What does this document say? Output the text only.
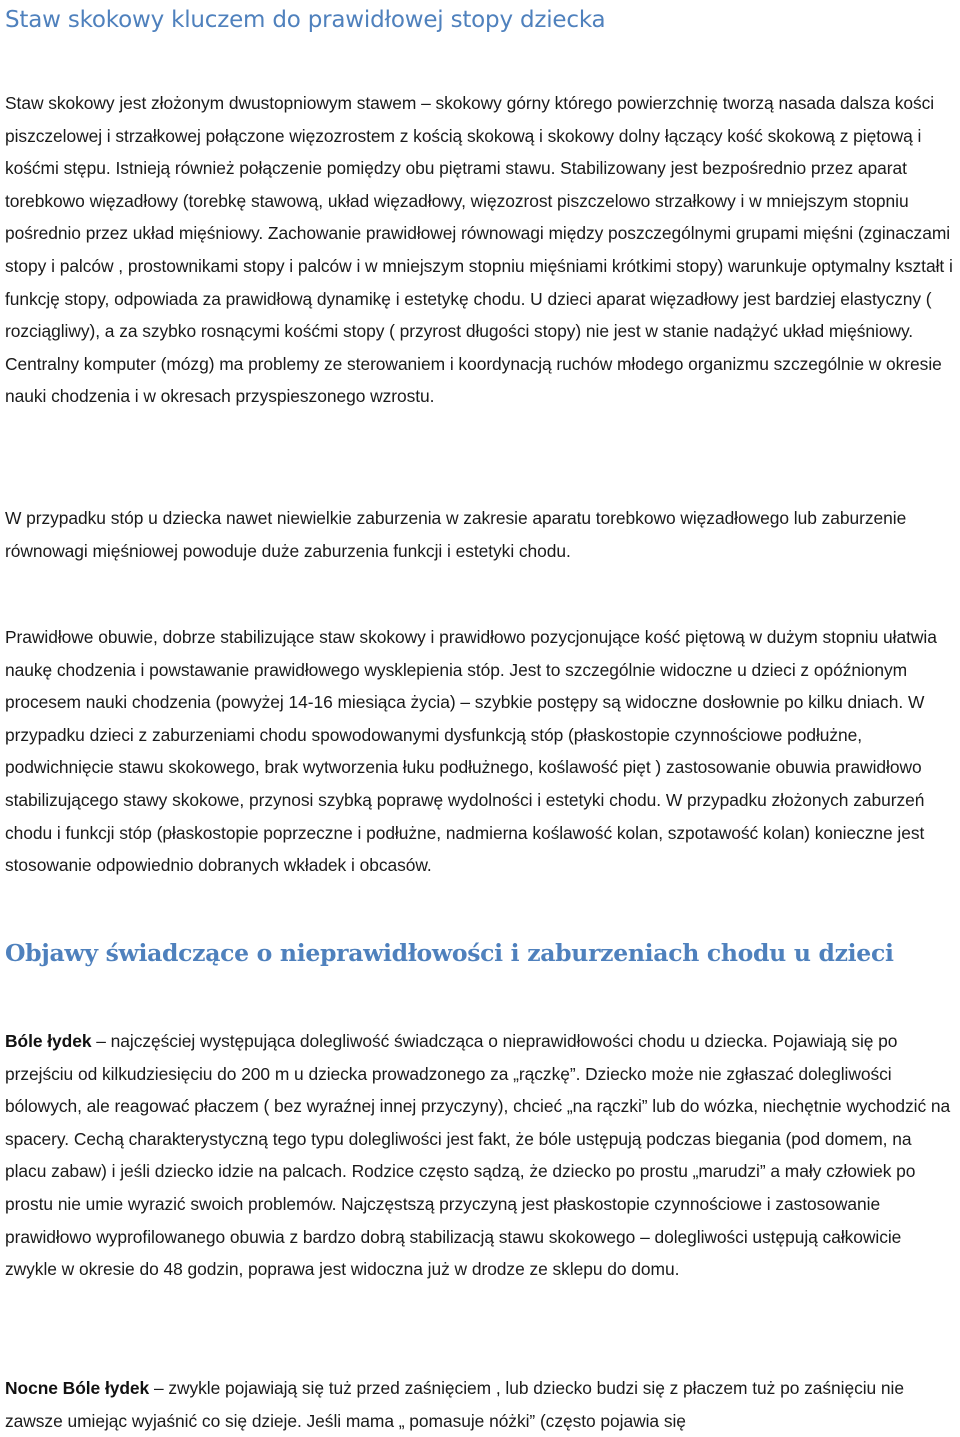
Staw skokowy kluczem do prawidłowej stopy dziecka

Staw skokowy jest złożonym dwustopniowym stawem – skokowy górny którego powierzchnię tworzą nasada dalsza kości piszczelowej i strzałkowej połączone więzozrostem z kością skokową i skokowy dolny łączący kość skokową z piętową i kośćmi stępu. Istnieją również połączenie pomiędzy obu piętrami stawu. Stabilizowany jest bezpośrednio przez aparat torebkowo więzadłowy (torebkę stawową, układ więzadłowy, więzozrost piszczelowo strzałkowy i w mniejszym stopniu pośrednio przez układ mięśniowy. Zachowanie prawidłowej równowagi między poszczególnymi grupami mięśni (zginaczami stopy i palców , prostownikami stopy i palców i w mniejszym stopniu mięśniami krótkimi stopy) warunkuje optymalny kształt i funkcję stopy, odpowiada za prawidłową dynamikę i estetykę chodu. U dzieci aparat więzadłowy jest bardziej elastyczny ( rozciągliwy), a za szybko rosnącymi kośćmi stopy ( przyrost długości stopy) nie jest w stanie nadążyć układ mięśniowy. Centralny komputer (mózg) ma problemy ze sterowaniem i koordynacją ruchów młodego organizmu szczególnie w okresie nauki chodzenia i w okresach przyspieszonego wzrostu.

W przypadku stóp u dziecka nawet niewielkie zaburzenia w zakresie aparatu torebkowo więzadłowego lub zaburzenie równowagi mięśniowej powoduje duże zaburzenia funkcji i estetyki chodu.

Prawidłowe obuwie, dobrze stabilizujące staw skokowy i prawidłowo pozycjonujące kość piętową w dużym stopniu ułatwia naukę chodzenia i powstawanie prawidłowego wysklepienia stóp. Jest to szczególnie widoczne u dzieci z opóźnionym procesem nauki chodzenia (powyżej 14-16 miesiąca życia) – szybkie postępy są widoczne dosłownie po kilku dniach. W przypadku dzieci z zaburzeniami chodu spowodowanymi dysfunkcją stóp (płaskostopie czynnościowe podłużne, podwichnięcie stawu skokowego, brak wytworzenia łuku podłużnego, koślawość pięt ) zastosowanie obuwia prawidłowo stabilizującego stawy skokowe, przynosi szybką poprawę wydolności i estetyki chodu. W przypadku złożonych zaburzeń chodu i funkcji stóp (płaskostopie poprzeczne i podłużne, nadmierna koślawość kolan, szpotawość kolan) konieczne jest stosowanie odpowiednio dobranych wkładek i obcasów.

Objawy świadczące o nieprawidłowości i zaburzeniach chodu u dzieci

Bóle łydek – najczęściej występująca dolegliwość świadcząca o nieprawidłowości chodu u dziecka. Pojawiają się po przejściu od kilkudziesięciu do 200 m u dziecka prowadzonego za „rączkę”. Dziecko może nie zgłaszać dolegliwości bólowych, ale reagować płaczem ( bez wyraźnej innej przyczyny), chcieć „na rączki” lub do wózka, niechętnie wychodzić na spacery. Cechą charakterystyczną tego typu dolegliwości jest fakt, że bóle ustępują podczas biegania (pod domem, na placu zabaw) i jeśli dziecko idzie na palcach. Rodzice często sądzą, że dziecko po prostu „marudzi” a mały człowiek po prostu nie umie wyrazić swoich problemów. Najczęstszą przyczyną jest płaskostopie czynnościowe i zastosowanie prawidłowo wyprofilowanego obuwia z bardzo dobrą stabilizacją stawu skokowego – dolegliwości ustępują całkowicie zwykle w okresie do 48 godzin, poprawa jest widoczna już w drodze ze sklepu do domu.

Nocne Bóle łydek – zwykle pojawiają się tuż przed zaśnięciem , lub dziecko budzi się z płaczem tuż po zaśnięciu nie zawsze umiejąc wyjaśnić co się dzieje. Jeśli mama „ pomasuje nóżki” (często pojawia się
